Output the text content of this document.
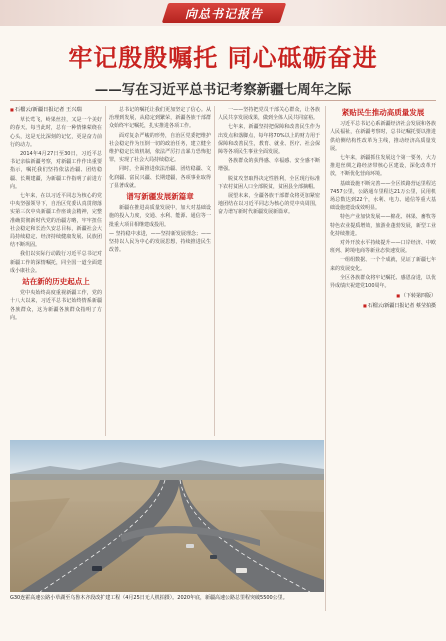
向总书记报告
牢记殷殷嘱托 同心砥砺奋进
——写在习近平总书记考察新疆七周年之际

■ 石榴云/新疆日报记者 王兴瑞

草长莺飞，岭果丝挂，又是一个美好的春天。每当此时，总有一种情愫萦绕在心头，这是无比深刻的记忆，更是奋力前行的动力。

2014年4月27日至30日，习近平总书记亲临新疆考察，对新疆工作作出重要指示，嘱托我们坚持依法治疆、团结稳疆、长期建疆，为新疆工作指明了前进方向。

七年来，在以习近平同志为核心的党中央坚强领导下，自治区党委认真贯彻落实第三次中央新疆工作座谈会精神，完整准确贯彻新时代党的治疆方略，牢牢扭住社会稳定和长治久安总目标，新疆社会大局持续稳定、经济持续健康发展、民族团结不断巩固。

我们以实际行动践行习近平总书记对新疆工作的深情嘱托，同全国一道全面建成小康社会。

站在新的历史起点上

党中央始终高度重视新疆工作，党的十八大以来，习近平总书记始终情系新疆各族群众，这为新疆各族群众指明了方向。

总书记的嘱托让我们更加坚定了信心。从治理到发展，从稳定到繁荣，新疆各族干部群众始终牢记嘱托，扎实推进各项工作。

面对复杂严峻的形势，自治区党委把维护社会稳定作为压倒一切的政治任务，建立健全维护稳定长效机制，依法严厉打击暴力恐怖犯罪，实现了社会大局持续稳定。

同时，全面推进依法治疆、团结稳疆、文化润疆、富民兴疆、长期建疆，各项事业取得了显著成就。

谱写新疆发展新篇章

新疆在推进高质量发展中，加大对基础设施的投入力度，交通、水利、能源、通信等一批重大项目相继建成投用。

— 坚持稳中求进，——坚持新发展理念；——坚持以人民为中心的发展思想，持续推进民生改善。

一——坚持把党员干部关心群众，让各族人民共享发展成果，做到全体人民共同富裕。

七年来，新疆坚持把保障和改善民生作为出发点和落脚点，每年将70%以上的财力用于保障和改善民生，教育、就业、医疗、社会保障等各项民生事业全面发展。

各族群众的获得感、幸福感、安全感不断增强。

脱贫攻坚取得决定性胜利，全区现行标准下农村贫困人口全部脱贫，贫困县全部摘帽。

展望未来，全疆各族干部群众将更加紧密地团结在以习近平同志为核心的党中央周围，奋力谱写新时代新疆发展新篇章。

紧贴民生推动高质量发展

习近平总书记心系新疆经济社会发展和各族人民福祉，在新疆考察时，总书记嘱托要以推进供给侧结构性改革为主线，推动经济高质量发展。

七年来，新疆抓住发展这个第一要务，大力推进丝绸之路经济带核心区建设，深化改革开放，不断优化营商环境。

基础设施不断完善——全区铁路营运里程达7457公里，公路通车里程达21万公里，民用机场总数达到22个，水利、电力、通信等重大基础设施建设成效明显。

特色产业加快发展——棉花、林果、畜牧等特色农业提质增效，旅游业蓬勃发展，新型工业化持续推进。

对外开放水平持续提升——口岸经济、中欧班列、跨境电商等新业态快速发展。

一组组数据、一个个成就，见证了新疆七年来的发展变化。

全区各族群众将牢记嘱托、感恩奋进，以优异成绩庆祝建党100周年。

■ （下转第四版）

■ 石榴云/新疆日报记者 蔡莹拍摄

G30连霍高速公路小草湖至乌鲁木齐段改扩建工程（4月25日无人机拍摄）。2020年底，新疆高速公路总里程突破5500公里。
